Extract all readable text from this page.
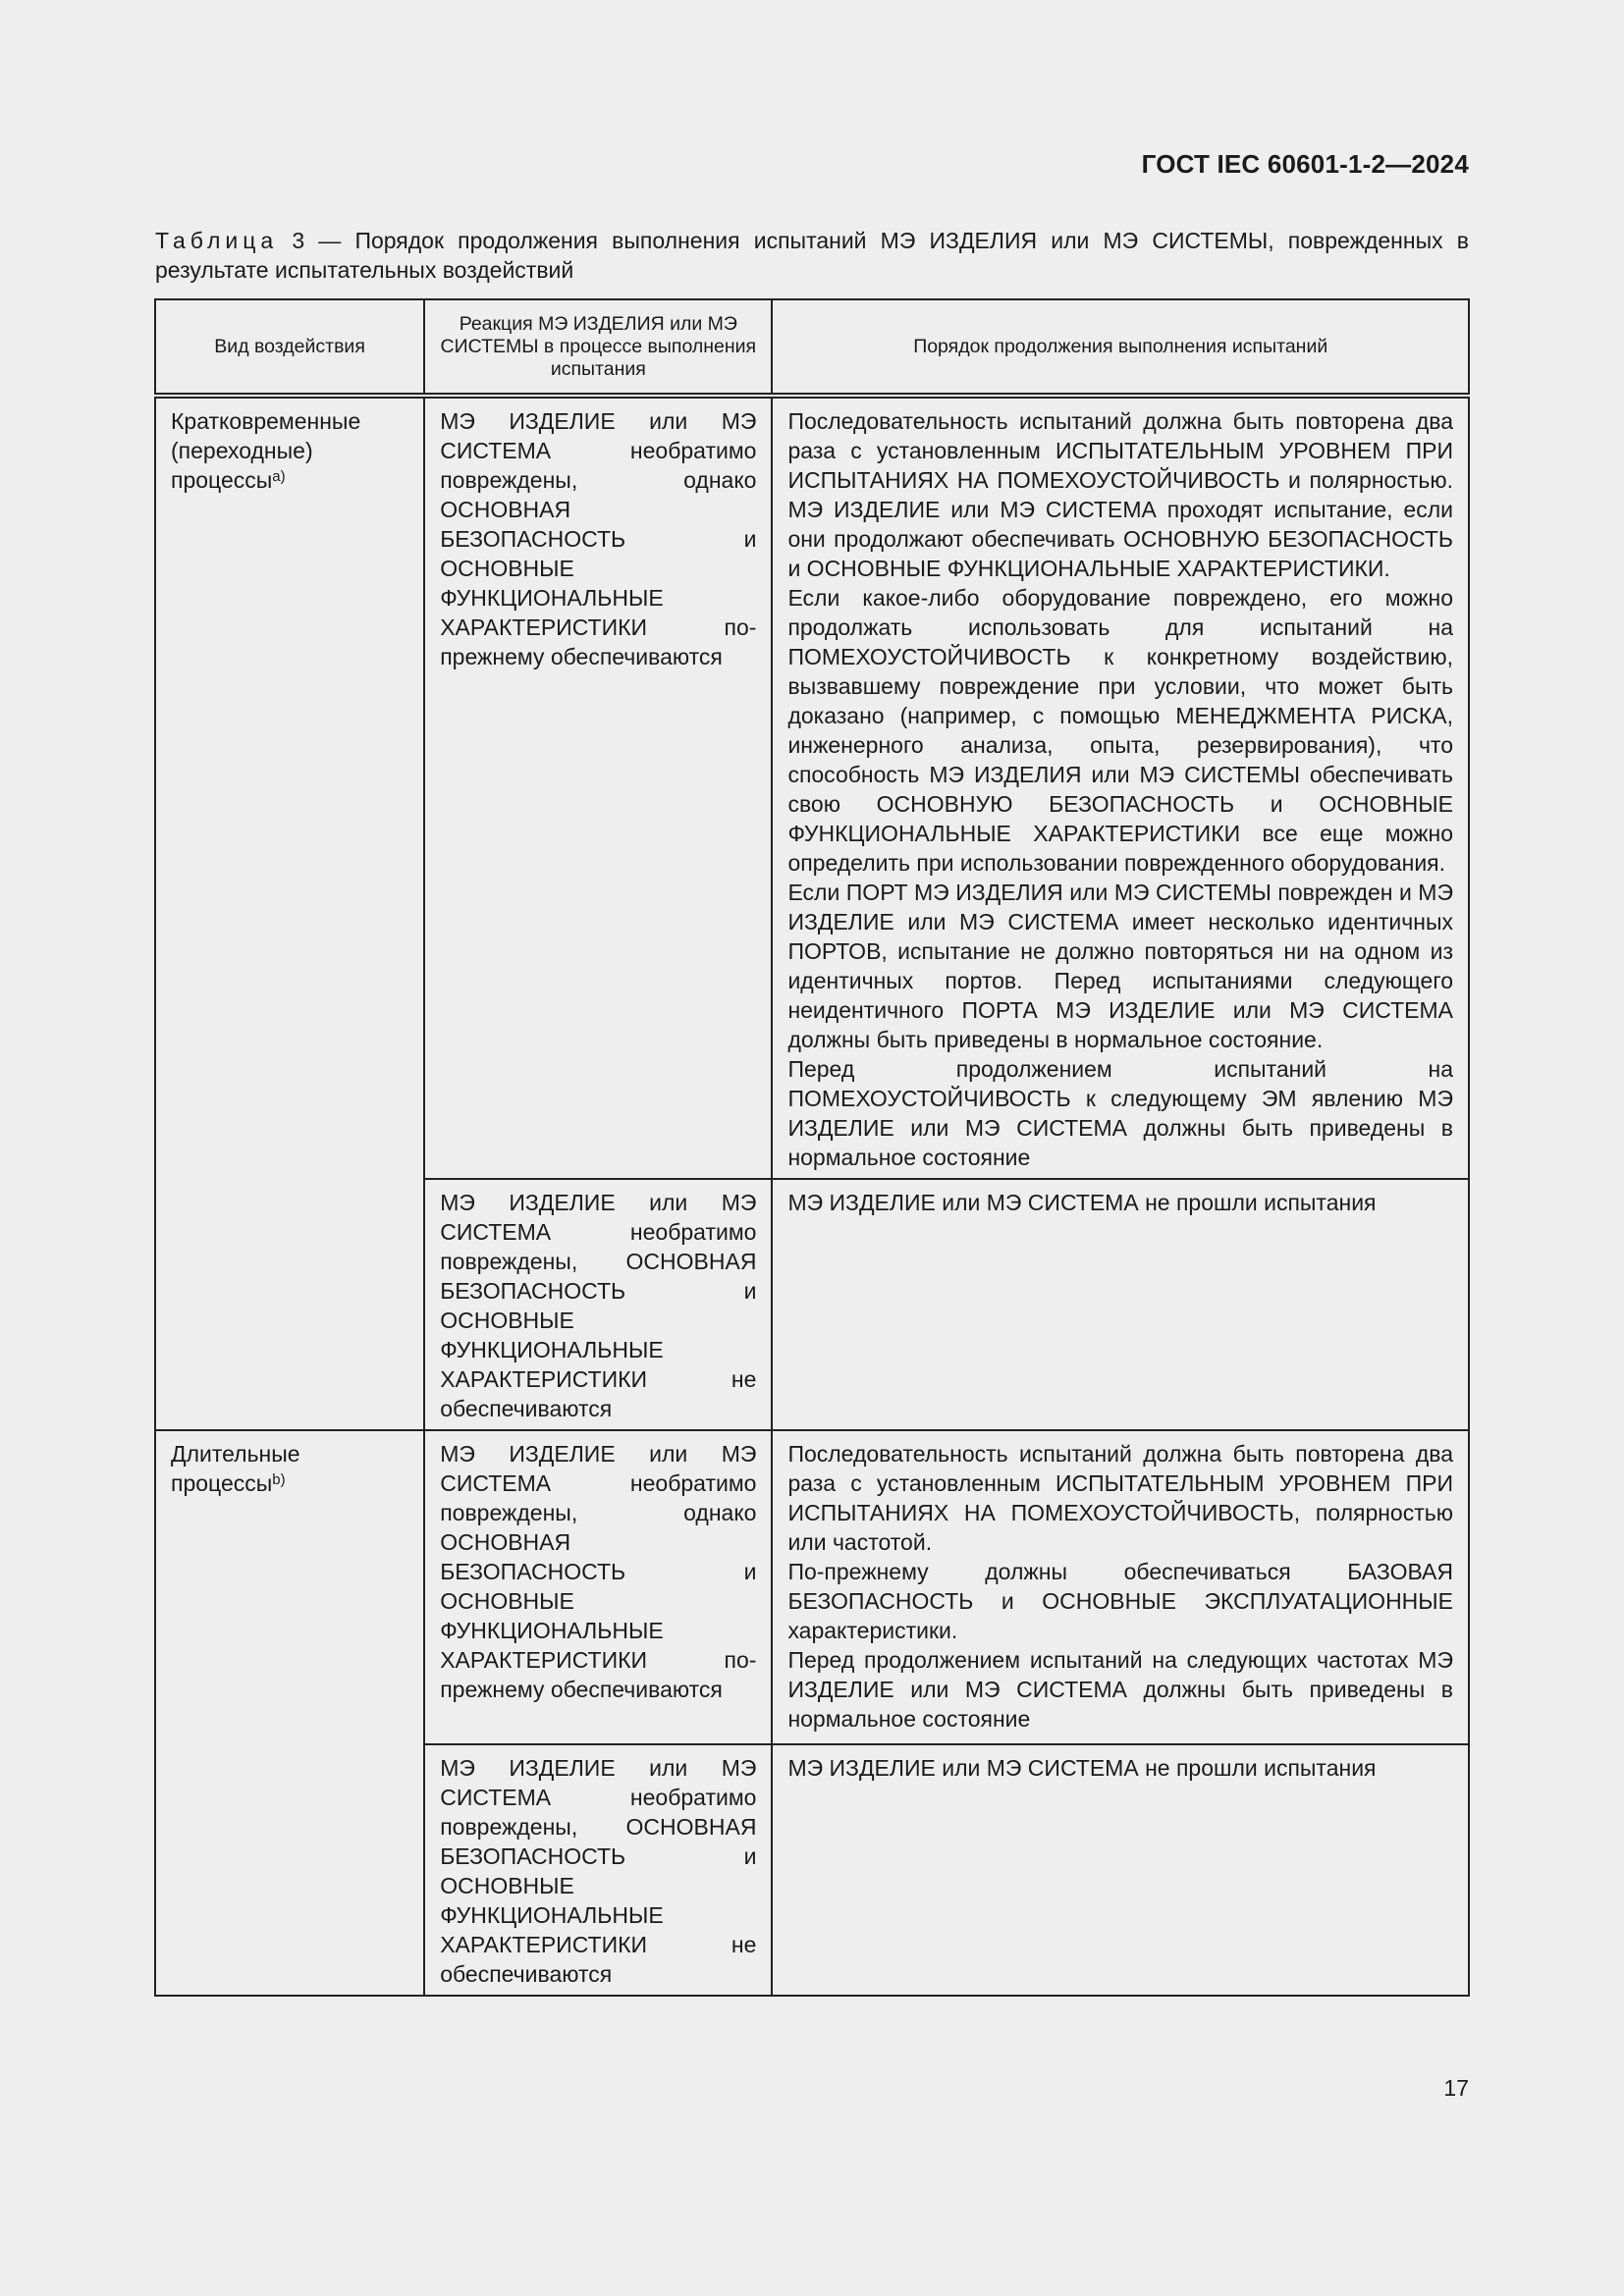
ГОСТ IEC 60601-1-2—2024
Таблица 3 — Порядок продолжения выполнения испытаний МЭ ИЗДЕЛИЯ или МЭ СИСТЕМЫ, поврежденных в результате испытательных воздействий
Вид воздействия	Реакция МЭ ИЗДЕЛИЯ или МЭ СИСТЕМЫ в процессе выполнения испытания	Порядок продолжения выполнения испытаний
Кратковременные (переходные) процессы$^{а)}$	МЭ ИЗДЕЛИЕ или МЭ СИСТЕМА необратимо повреждены, однако ОСНОВНАЯ БЕЗОПАСНОСТЬ и ОСНОВНЫЕ ФУНКЦИОНАЛЬНЫЕ ХАРАКТЕРИСТИКИ по-прежнему обеспечиваются	Последовательность испытаний должна быть повторена два раза с установленным ИСПЫТАТЕЛЬНЫМ УРОВНЕМ ПРИ ИСПЫТАНИЯХ НА ПОМЕХОУСТОЙЧИВОСТЬ и полярностью. МЭ ИЗДЕЛИЕ или МЭ СИСТЕМА проходят испытание, если они продолжают обеспечивать ОСНОВНУЮ БЕЗОПАСНОСТЬ и ОСНОВНЫЕ ФУНКЦИОНАЛЬНЫЕ ХАРАКТЕРИСТИКИ.

Если какое-либо оборудование повреждено, его можно продолжать использовать для испытаний на ПОМЕХОУСТОЙЧИВОСТЬ к конкретному воздействию, вызвавшему повреждение при условии, что может быть доказано (например, с помощью МЕНЕДЖМЕНТА РИСКА, инженерного анализа, опыта, резервирования), что способность МЭ ИЗДЕЛИЯ или МЭ СИСТЕМЫ обеспечивать свою ОСНОВНУЮ БЕЗОПАСНОСТЬ и ОСНОВНЫЕ ФУНКЦИОНАЛЬНЫЕ ХАРАКТЕРИСТИКИ все еще можно определить при использовании поврежденного оборудования.

Если ПОРТ МЭ ИЗДЕЛИЯ или МЭ СИСТЕМЫ поврежден и МЭ ИЗДЕЛИЕ или МЭ СИСТЕМА имеет несколько идентичных ПОРТОВ, испытание не должно повторяться ни на одном из идентичных портов. Перед испытаниями следующего неидентичного ПОРТА МЭ ИЗДЕЛИЕ или МЭ СИСТЕМА должны быть приведены в нормальное состояние.

Перед продолжением испытаний на ПОМЕХОУСТОЙЧИВОСТЬ к следующему ЭМ явлению МЭ ИЗДЕЛИЕ или МЭ СИСТЕМА должны быть приведены в нормальное состояние

	МЭ ИЗДЕЛИЕ или МЭ СИСТЕМА необратимо повреждены, ОСНОВНАЯ БЕЗОПАСНОСТЬ и ОСНОВНЫЕ ФУНКЦИОНАЛЬНЫЕ ХАРАКТЕРИСТИКИ не обеспечиваются	МЭ ИЗДЕЛИЕ или МЭ СИСТЕМА не прошли испытания

Длительные процессы$^{b)}$	МЭ ИЗДЕЛИЕ или МЭ СИСТЕМА необратимо повреждены, однако ОСНОВНАЯ БЕЗОПАСНОСТЬ и ОСНОВНЫЕ ФУНКЦИОНАЛЬНЫЕ ХАРАКТЕРИСТИКИ по-прежнему обеспечиваются	Последовательность испытаний должна быть повторена два раза с установленным ИСПЫТАТЕЛЬНЫМ УРОВНЕМ ПРИ ИСПЫТАНИЯХ НА ПОМЕХОУСТОЙЧИВОСТЬ, полярностью или частотой.

По-прежнему должны обеспечиваться БАЗОВАЯ БЕЗОПАСНОСТЬ и ОСНОВНЫЕ ЭКСПЛУАТАЦИОННЫЕ характеристики.

Перед продолжением испытаний на следующих частотах МЭ ИЗДЕЛИЕ или МЭ СИСТЕМА должны быть приведены в нормальное состояние

	МЭ ИЗДЕЛИЕ или МЭ СИСТЕМА необратимо повреждены, ОСНОВНАЯ БЕЗОПАСНОСТЬ и ОСНОВНЫЕ ФУНКЦИОНАЛЬНЫЕ ХАРАКТЕРИСТИКИ не обеспечиваются	МЭ ИЗДЕЛИЕ или МЭ СИСТЕМА не прошли испытания

17
